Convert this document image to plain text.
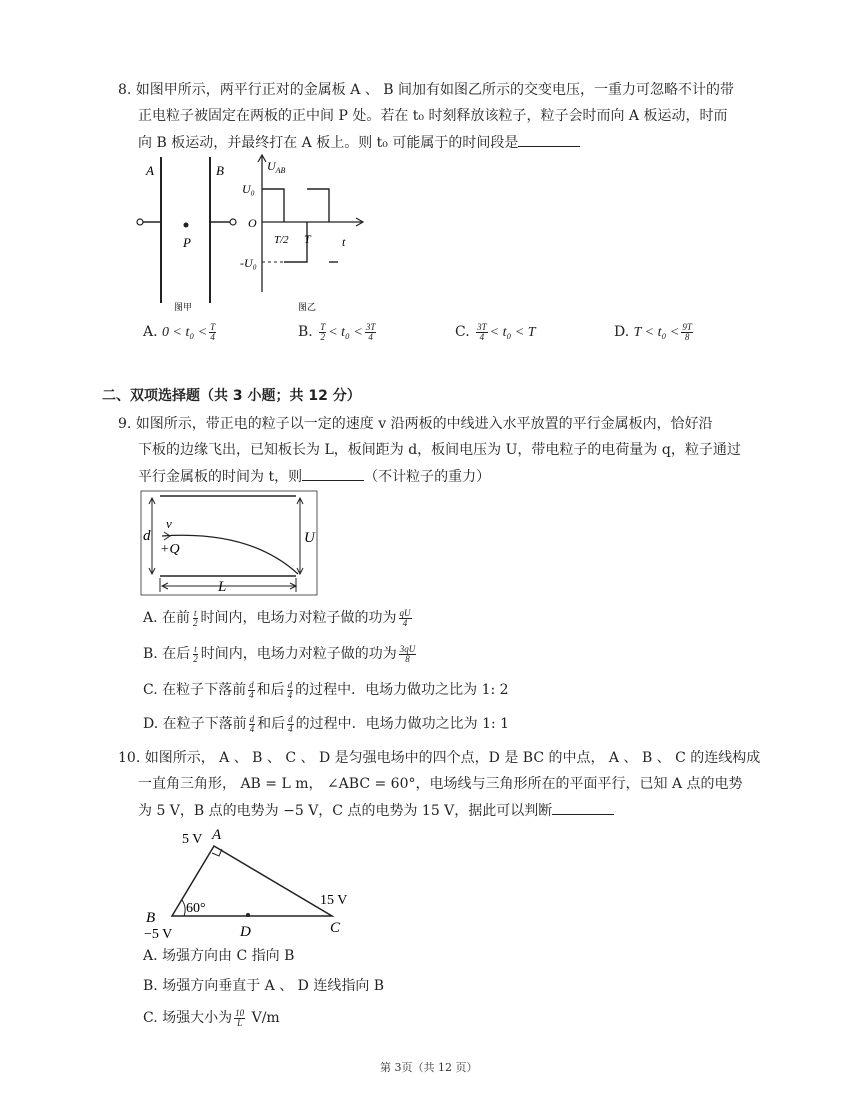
8. 如图甲所示，两平行正对的金属板 A 、 B 间加有如图乙所示的交变电压，一重力可忽略不计的带
正电粒子被固定在两板的正中间 P 处。若在 t₀ 时刻释放该粒子，粒子会时而向 A 板运动，时而
向 B 板运动，并最终打在 A 板上。则 t₀ 可能属于的时间段是
A	B
P
图甲
$U_{AB}$
U₀
O
-U₀
T/2 T	t
图乙
A. $0 < t_0 < \frac{T}{4}$	B. $\frac{T}{2} < t_0 < \frac{3T}{4}$	C. $\frac{3T}{4} < t_0 < T$	D. $T < t_0 < \frac{9T}{8}$
二、双项选择题（共 3 小题；共 12 分）
9. 如图所示，带正电的粒子以一定的速度 v 沿两板的中线进入水平放置的平行金属板内，恰好沿
下板的边缘飞出，已知板长为 L，板间距为 d，板间电压为 U，带电粒子的电荷量为 q，粒子通过
平行金属板的时间为 t，则	（不计粒子的重力）
d
v
+Q
U
L
A. 在前 $\frac{t}{2}$ 时间内，电场力对粒子做的功为 $\frac{qU}{4}$
B. 在后 $\frac{t}{2}$ 时间内，电场力对粒子做的功为 $\frac{3qU}{8}$
C. 在粒子下落前 $\frac{d}{4}$ 和后 $\frac{d}{4}$ 的过程中．电场力做功之比为 1: 2
D. 在粒子下落前 $\frac{d}{4}$ 和后 $\frac{d}{4}$ 的过程中．电场力做功之比为 1: 1
10. 如图所示， A 、 B 、 C 、 D 是匀强电场中的四个点，D 是 BC 的中点， A 、 B 、 C 的连线构成
一直角三角形， AB = L m， ∠ABC = 60°，电场线与三角形所在的平面平行，已知 A 点的电势
为 5 V，B 点的电势为 −5 V，C 点的电势为 15 V，据此可以判断
5 V A
B
−5 V
60°
D
15 V
C
A. 场强方向由 C 指向 B
B. 场强方向垂直于 A 、 D 连线指向 B
C. 场强大小为 $\frac{10}{L} V/m$
第 3页（共 12 页）
